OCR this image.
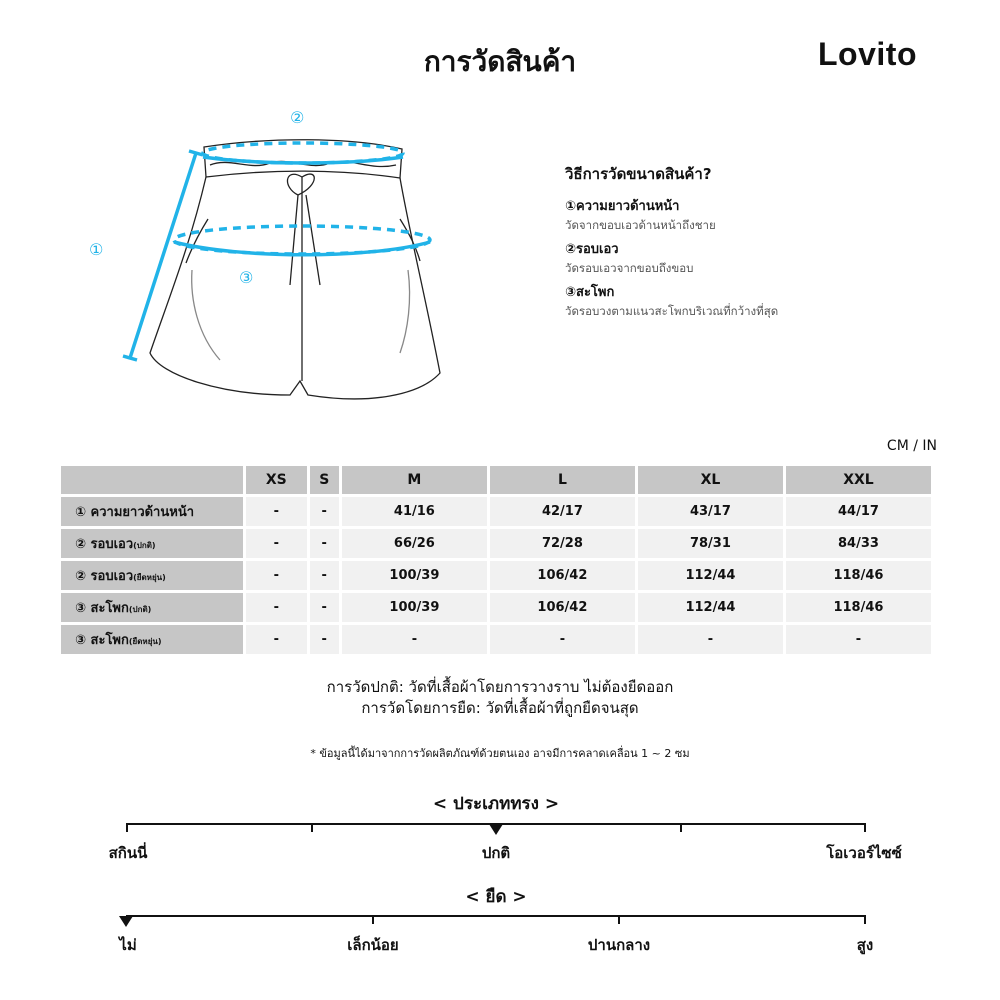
การวัดสินค้า	Lovito
①
②
③
วิธีการวัดขนาดสินค้า?
①ความยาวด้านหน้า
วัดจากขอบเอวด้านหน้าถึงชาย
②รอบเอว
วัดรอบเอวจากขอบถึงขอบ
③สะโพก
วัดรอบวงตามแนวสะโพกบริเวณที่กว้างที่สุด
CM / IN
	XS	S	M	L	XL	XXL
① ความยาวด้านหน้า	-	-	41/16	42/17	43/17	44/17
② รอบเอว(ปกติ)	-	-	66/26	72/28	78/31	84/33
② รอบเอว(ยืดหยุ่น)	-	-	100/39	106/42	112/44	118/46
③ สะโพก(ปกติ)	-	-	100/39	106/42	112/44	118/46
③ สะโพก(ยืดหยุ่น)	-	-	-	-	-	-
การวัดปกติ: วัดที่เสื้อผ้าโดยการวางราบ ไม่ต้องยืดออก
การวัดโดยการยืด: วัดที่เสื้อผ้าที่ถูกยืดจนสุด
* ข้อมูลนี้ได้มาจากการวัดผลิตภัณฑ์ด้วยตนเอง อาจมีการคลาดเคลื่อน 1 ~ 2 ซม
< ประเภททรง >
สกินนี่	ปกติ	โอเวอร์ไซซ์
< ยืด >
ไม่	เล็กน้อย	ปานกลาง	สูง
